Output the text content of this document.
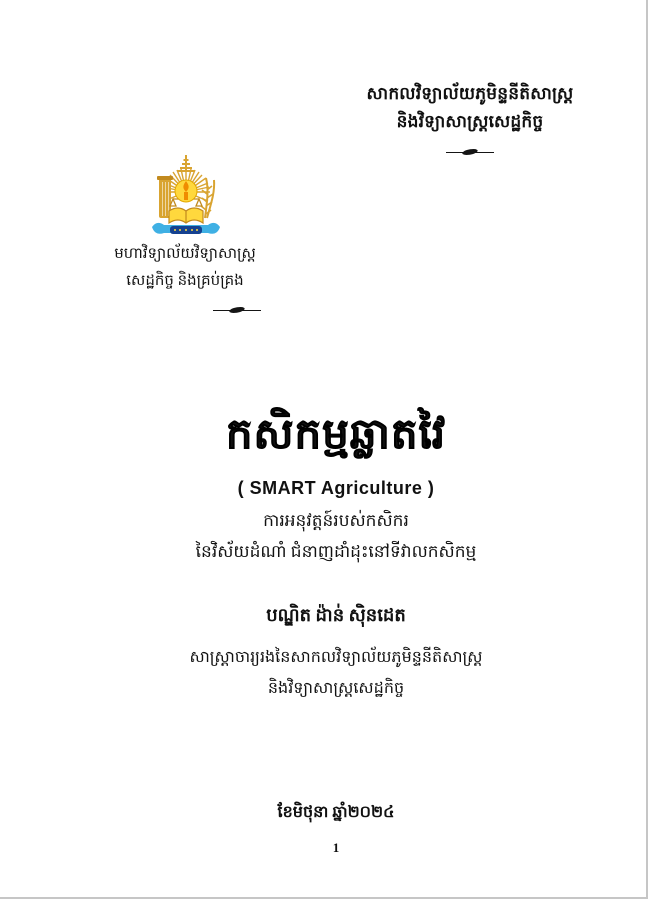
សាកលវិទ្យាល័យភូមិន្ទនីតិសាស្ត្រ
និងវិទ្យាសាស្ត្រសេដ្ឋកិច្ច

មហាវិទ្យាល័យវិទ្យាសាស្ត្រ
សេដ្ឋកិច្ច និងគ្រប់គ្រង
កសិកម្មឆ្លាតវៃ
( SMART Agriculture )
ការអនុវត្តន៍របស់កសិករ
នៃវិស័យដំណាំ ជំនាញដាំដុះនៅទីវាលកសិកម្ម
បណ្ឌិត ដ៉ាន់ ស៊ិនដេត
សាស្ត្រាចារ្យរងនៃសាកលវិទ្យាល័យភូមិន្ទនីតិសាស្ត្រ
និងវិទ្យាសាស្ត្រសេដ្ឋកិច្ច
ខែមិថុនា ឆ្នាំ២០២៤
1
